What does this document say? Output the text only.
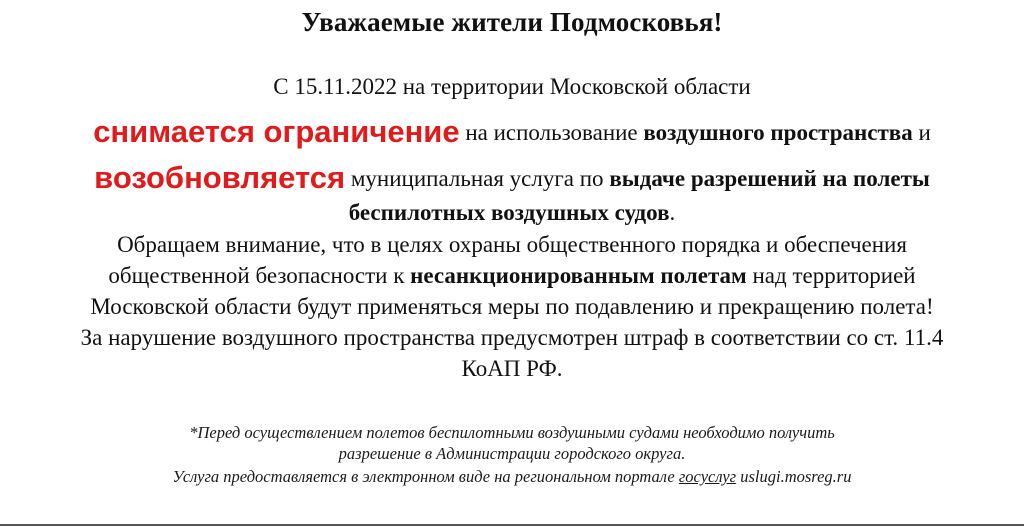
Уважаемые жители Подмосковья!
С 15.11.2022 на территории Московской области
снимается ограничение на использование воздушного пространства и
возобновляется муниципальная услуга по выдаче разрешений на полеты
беспилотных воздушных судов.
Обращаем внимание, что в целях охраны общественного порядка и обеспечения
общественной безопасности к несанкционированным полетам над территорией
Московской области будут применяться меры по подавлению и прекращению полета!
За нарушение воздушного пространства предусмотрен штраф в соответствии со ст. 11.4
КоАП РФ.
*Перед осуществлением полетов беспилотными воздушными судами необходимо получить
разрешение в Администрации городского округа.
Услуга предоставляется в электронном виде на региональном портале госуслуг uslugi.mosreg.ru
